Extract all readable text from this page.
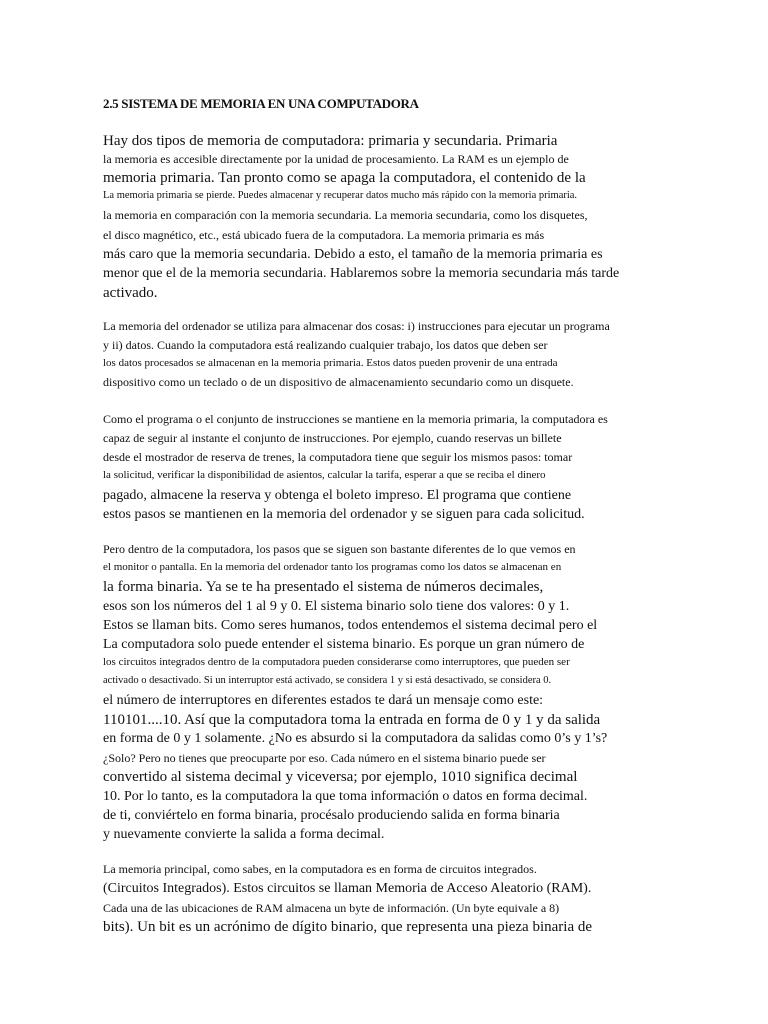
2.5 SISTEMA DE MEMORIA EN UNA COMPUTADORA
Hay dos tipos de memoria de computadora: primaria y secundaria. Primaria
la memoria es accesible directamente por la unidad de procesamiento. La RAM es un ejemplo de
memoria primaria. Tan pronto como se apaga la computadora, el contenido de la
La memoria primaria se pierde. Puedes almacenar y recuperar datos mucho más rápido con la memoria primaria.
la memoria en comparación con la memoria secundaria. La memoria secundaria, como los disquetes,
el disco magnético, etc., está ubicado fuera de la computadora. La memoria primaria es más
más caro que la memoria secundaria. Debido a esto, el tamaño de la memoria primaria es
menor que el de la memoria secundaria. Hablaremos sobre la memoria secundaria más tarde
activado.
La memoria del ordenador se utiliza para almacenar dos cosas: i) instrucciones para ejecutar un programa
y ii) datos. Cuando la computadora está realizando cualquier trabajo, los datos que deben ser
los datos procesados se almacenan en la memoria primaria. Estos datos pueden provenir de una entrada
dispositivo como un teclado o de un dispositivo de almacenamiento secundario como un disquete.
Como el programa o el conjunto de instrucciones se mantiene en la memoria primaria, la computadora es
capaz de seguir al instante el conjunto de instrucciones. Por ejemplo, cuando reservas un billete
desde el mostrador de reserva de trenes, la computadora tiene que seguir los mismos pasos: tomar
la solicitud, verificar la disponibilidad de asientos, calcular la tarifa, esperar a que se reciba el dinero
pagado, almacene la reserva y obtenga el boleto impreso. El programa que contiene
estos pasos se mantienen en la memoria del ordenador y se siguen para cada solicitud.
Pero dentro de la computadora, los pasos que se siguen son bastante diferentes de lo que vemos en
el monitor o pantalla. En la memoria del ordenador tanto los programas como los datos se almacenan en
la forma binaria. Ya se te ha presentado el sistema de números decimales,
esos son los números del 1 al 9 y 0. El sistema binario solo tiene dos valores: 0 y 1.
Estos se llaman bits. Como seres humanos, todos entendemos el sistema decimal pero el
La computadora solo puede entender el sistema binario. Es porque un gran número de
los circuitos integrados dentro de la computadora pueden considerarse como interruptores, que pueden ser
activado o desactivado. Si un interruptor está activado, se considera 1 y si está desactivado, se considera 0.
el número de interruptores en diferentes estados te dará un mensaje como este:
110101....10. Así que la computadora toma la entrada en forma de 0 y 1 y da salida
en forma de 0 y 1 solamente. ¿No es absurdo si la computadora da salidas como 0’s y 1’s?
¿Solo? Pero no tienes que preocuparte por eso. Cada número en el sistema binario puede ser
convertido al sistema decimal y viceversa; por ejemplo, 1010 significa decimal
10. Por lo tanto, es la computadora la que toma información o datos en forma decimal.
de ti, conviértelo en forma binaria, procésalo produciendo salida en forma binaria
y nuevamente convierte la salida a forma decimal.
La memoria principal, como sabes, en la computadora es en forma de circuitos integrados.
(Circuitos Integrados). Estos circuitos se llaman Memoria de Acceso Aleatorio (RAM).
Cada una de las ubicaciones de RAM almacena un byte de información. (Un byte equivale a 8)
bits). Un bit es un acrónimo de dígito binario, que representa una pieza binaria de
